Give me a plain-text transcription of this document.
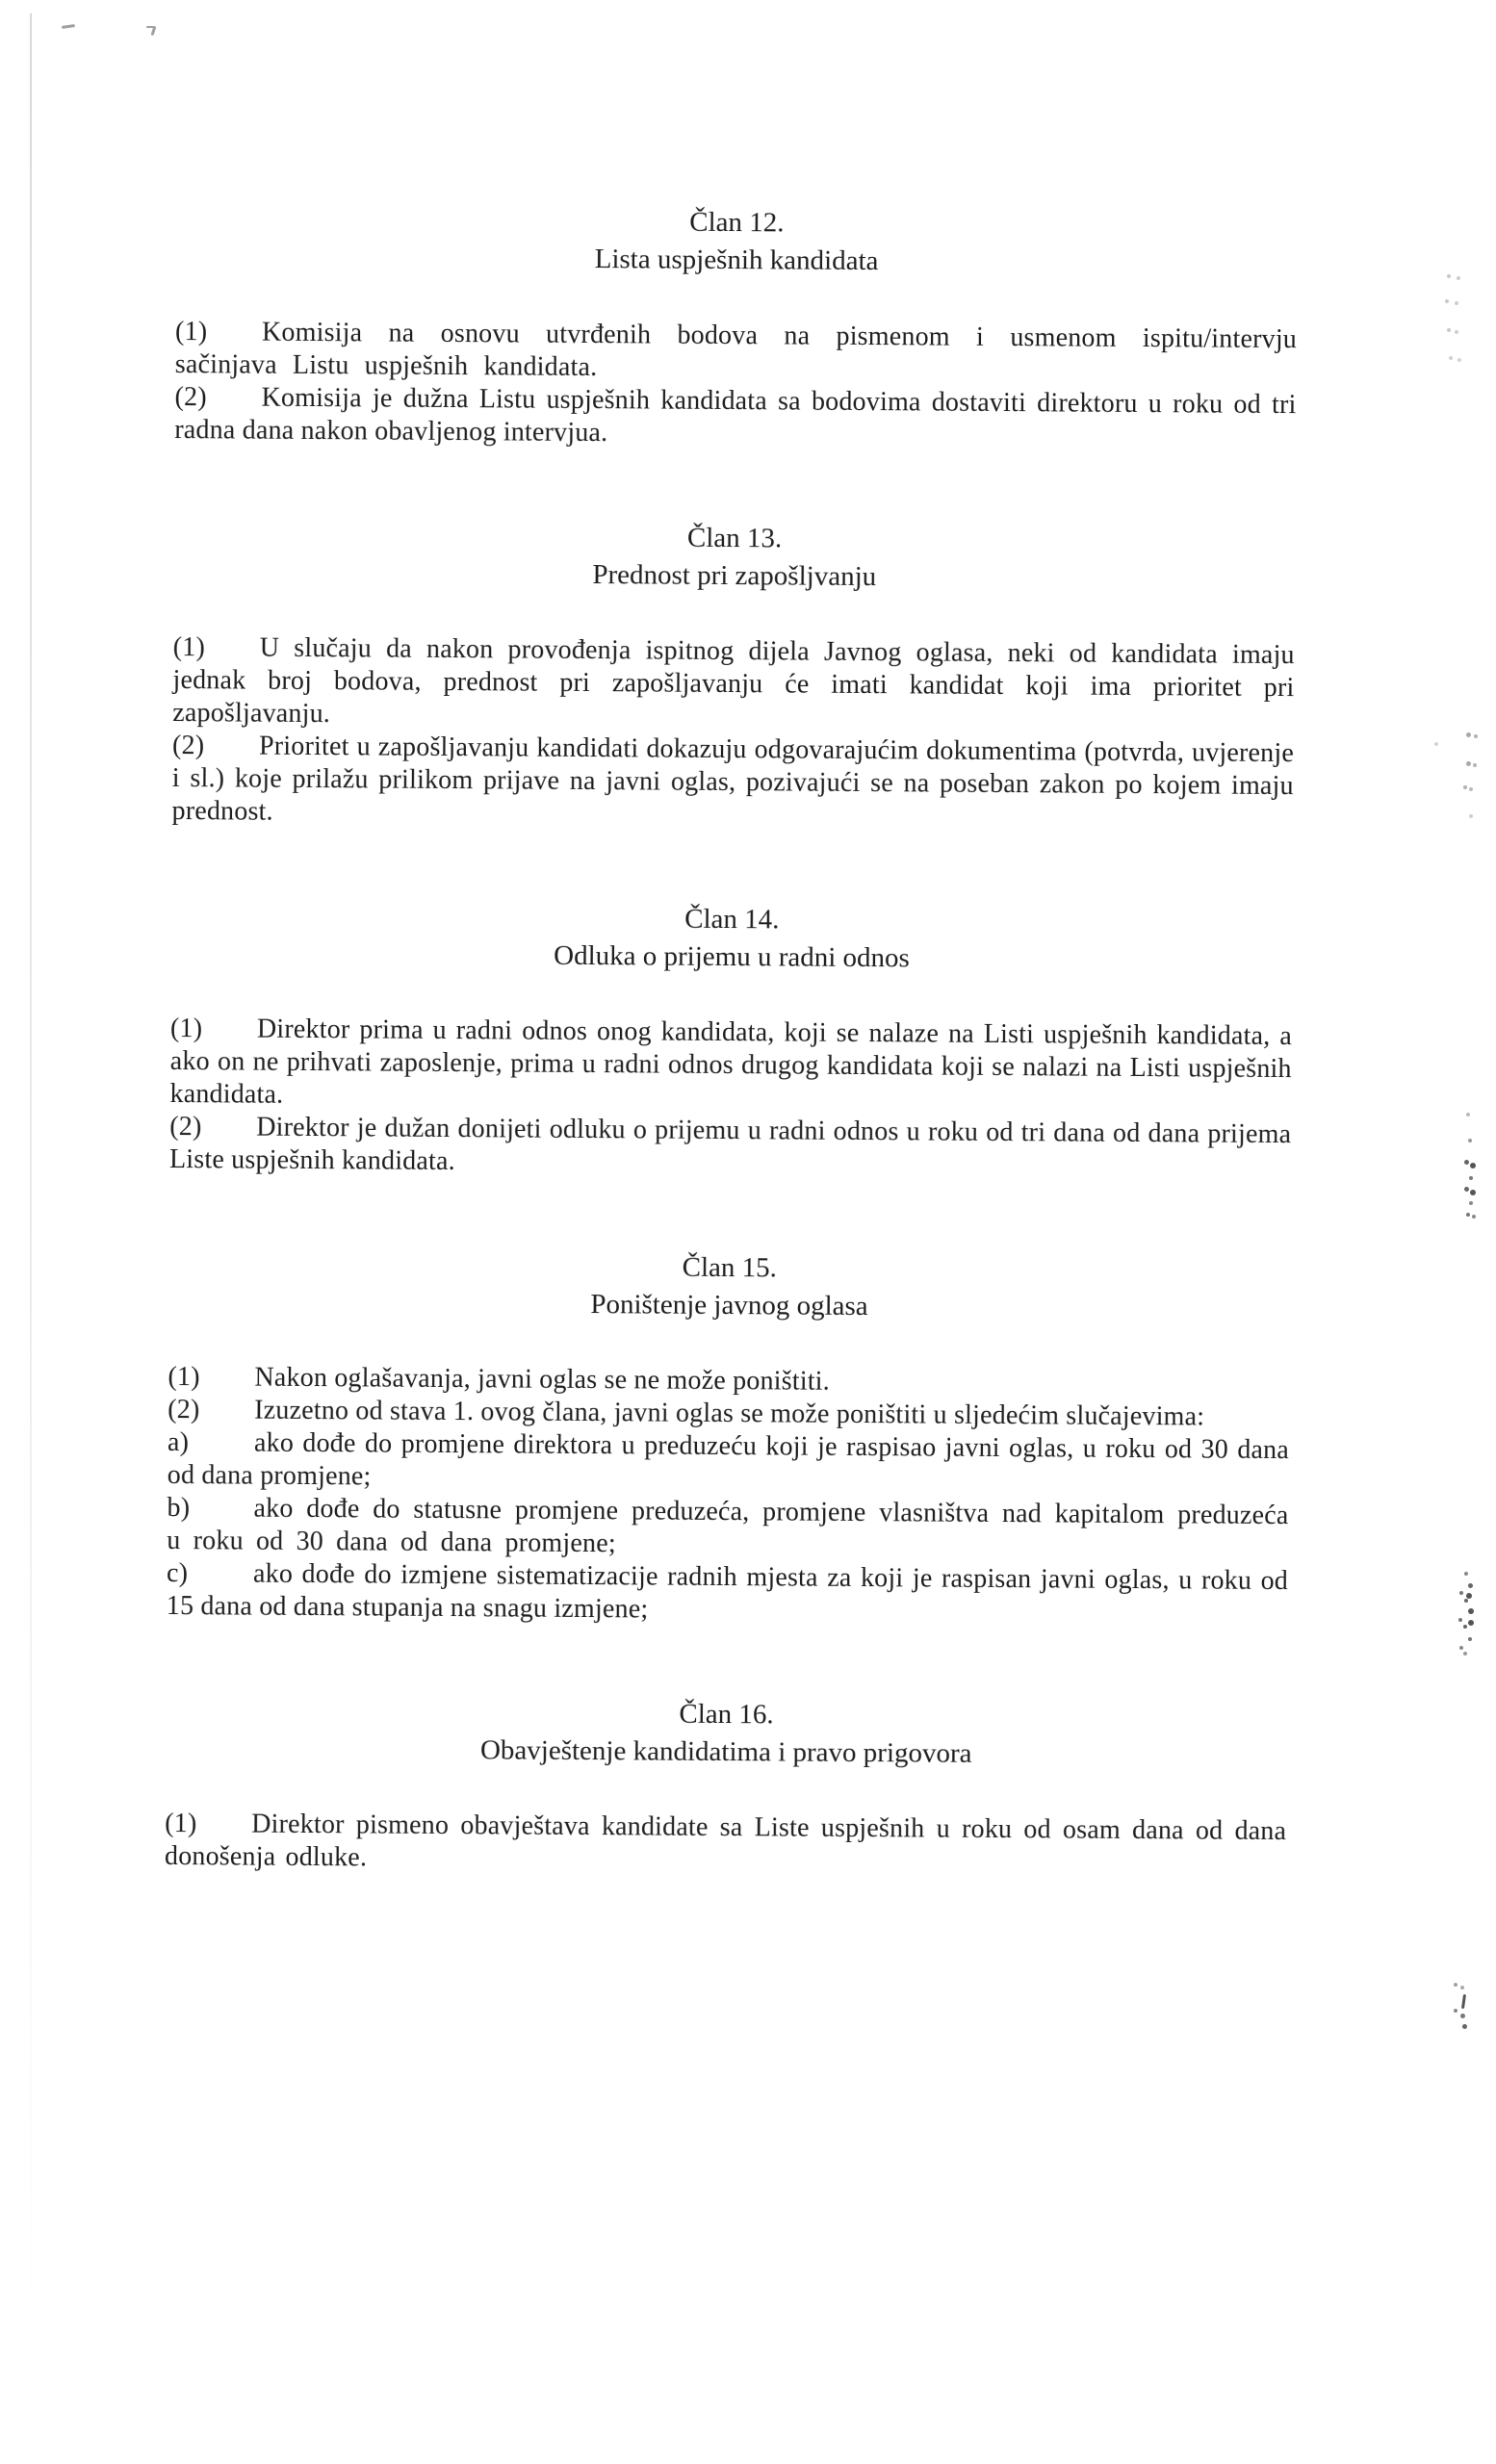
Član 12.
Lista uspješnih kandidata

(1) Komisija na osnovu utvrđenih bodova na pismenom i usmenom ispitu/intervju sačinjava Listu uspješnih kandidata.

(2) Komisija je dužna Listu uspješnih kandidata sa bodovima dostaviti direktoru u roku od tri radna dana nakon obavljenog intervjua.

Član 13.
Prednost pri zapošljvanju

(1) U slučaju da nakon provođenja ispitnog dijela Javnog oglasa, neki od kandidata imaju jednak broj bodova, prednost pri zapošljavanju će imati kandidat koji ima prioritet pri zapošljavanju.

(2) Prioritet u zapošljavanju kandidati dokazuju odgovarajućim dokumentima (potvrda, uvjerenje i sl.) koje prilažu prilikom prijave na javni oglas, pozivajući se na poseban zakon po kojem imaju prednost.

Član 14.
Odluka o prijemu u radni odnos

(1) Direktor prima u radni odnos onog kandidata, koji se nalaze na Listi uspješnih kandidata, a ako on ne prihvati zaposlenje, prima u radni odnos drugog kandidata koji se nalazi na Listi uspješnih kandidata.

(2) Direktor je dužan donijeti odluku o prijemu u radni odnos u roku od tri dana od dana prijema Liste uspješnih kandidata.

Član 15.
Poništenje javnog oglasa

(1) Nakon oglašavanja, javni oglas se ne može poništiti.

(2) Izuzetno od stava 1. ovog člana, javni oglas se može poništiti u sljedećim slučajevima:

a) ako dođe do promjene direktora u preduzeću koji je raspisao javni oglas, u roku od 30 dana od dana promjene;

b) ako dođe do statusne promjene preduzeća, promjene vlasništva nad kapitalom preduzeća u roku od 30 dana od dana promjene;

c) ako dođe do izmjene sistematizacije radnih mjesta za koji je raspisan javni oglas, u roku od 15 dana od dana stupanja na snagu izmjene;

Član 16.
Obavještenje kandidatima i pravo prigovora

(1) Direktor pismeno obavještava kandidate sa Liste uspješnih u roku od osam dana od dana donošenja odluke.
